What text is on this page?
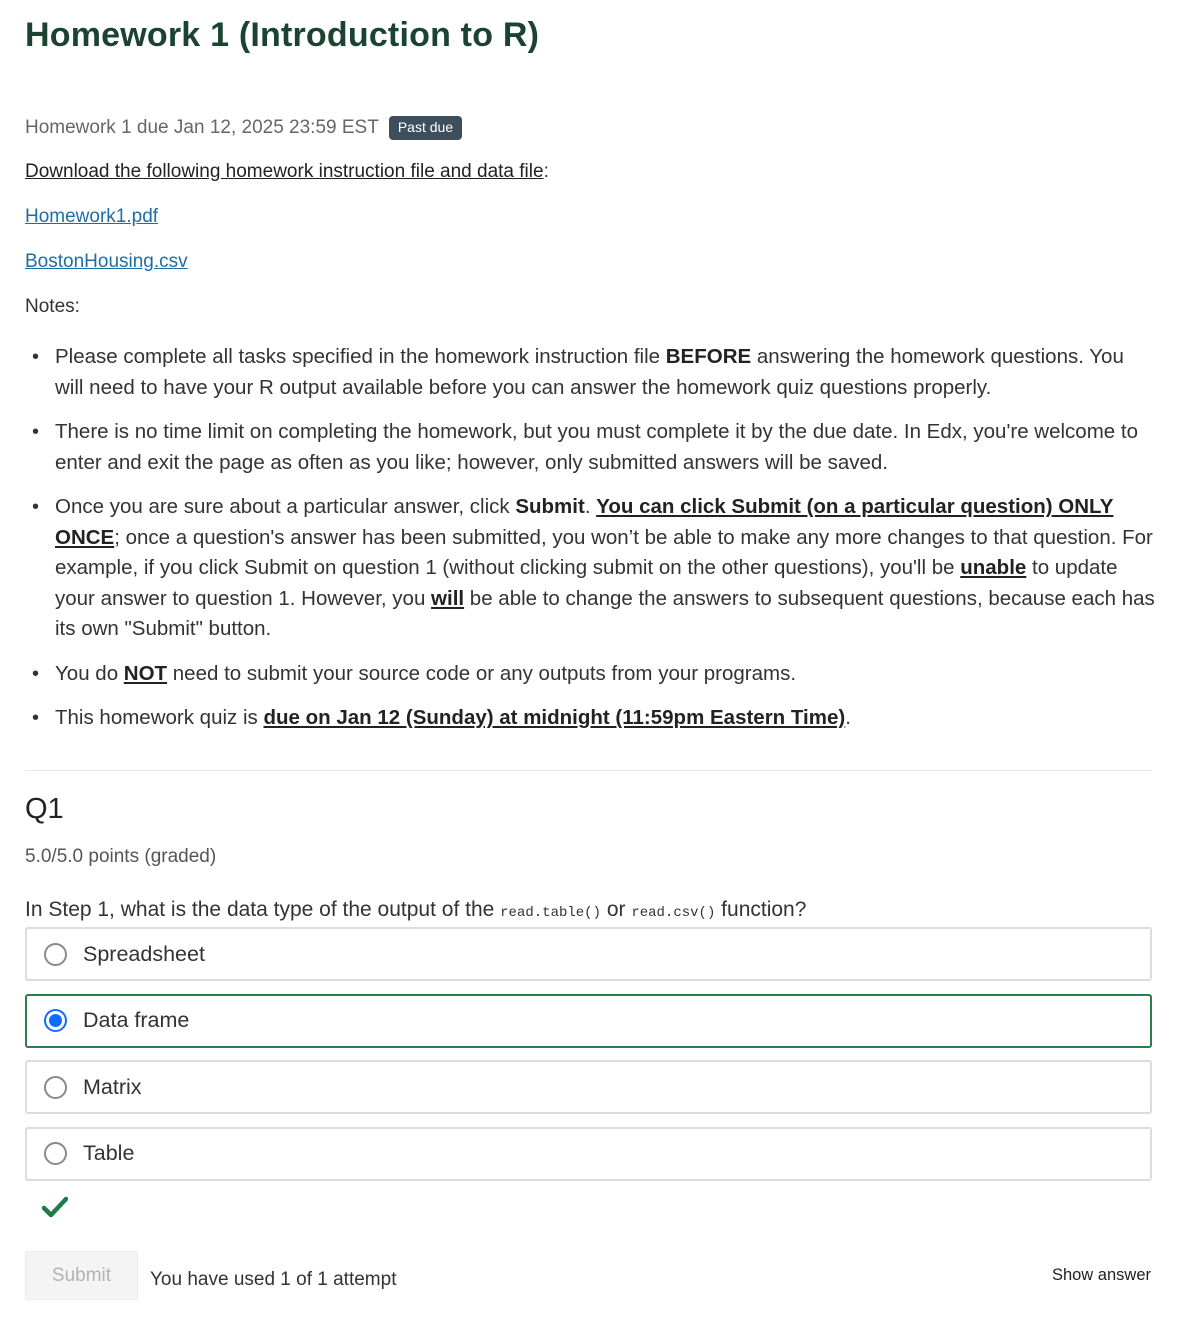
Homework 1 (Introduction to R)
Homework 1 due Jan 12, 2025 23:59 EST	Past due
Download the following homework instruction file and data file:
Homework1.pdf
BostonHousing.csv
Notes:
• Please complete all tasks specified in the homework instruction file BEFORE answering the homework questions. You will need to have your R output available before you can answer the homework quiz questions properly.
• There is no time limit on completing the homework, but you must complete it by the due date. In Edx, you're welcome to enter and exit the page as often as you like; however, only submitted answers will be saved.
• Once you are sure about a particular answer, click Submit. You can click Submit (on a particular question) ONLY ONCE; once a question's answer has been submitted, you won’t be able to make any more changes to that question. For example, if you click Submit on question 1 (without clicking submit on the other questions), you'll be unable to update your answer to question 1. However, you will be able to change the answers to subsequent questions, because each has its own "Submit" button.
• You do NOT need to submit your source code or any outputs from your programs.
• This homework quiz is due on Jan 12 (Sunday) at midnight (11:59pm Eastern Time).
Q1
5.0/5.0 points (graded)
In Step 1, what is the data type of the output of the read.table() or read.csv() function?
Spreadsheet
Data frame
Matrix
Table
Submit	You have used 1 of 1 attempt	Show answer
